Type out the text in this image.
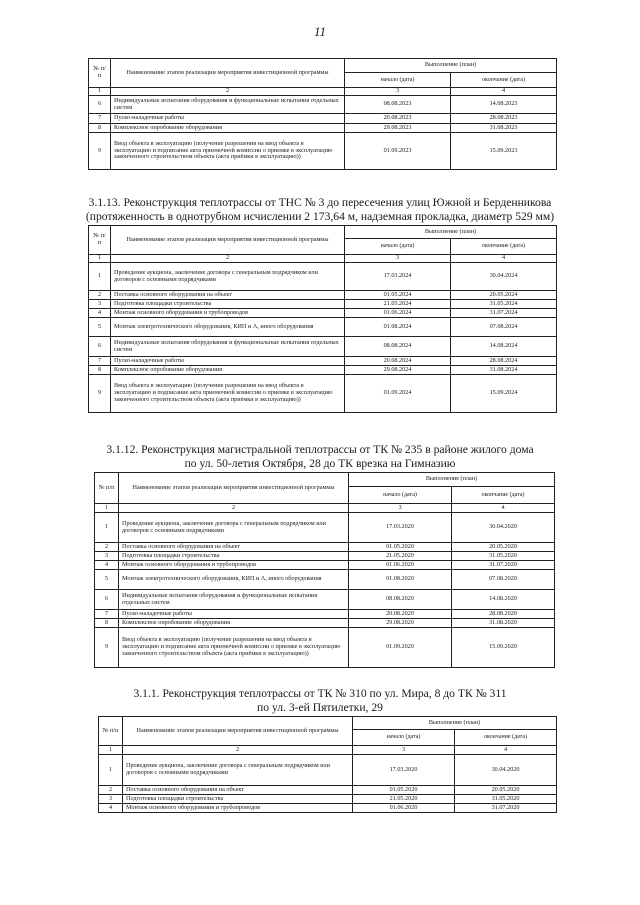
11
№ п/п	Наименование этапов реализации мероприятия инвестиционной программы	Выполнение (план)	
		начало (дата)	окончание (дата)
1	2	3	4
6	Индивидуальные испытания оборудования и функциональные испытания отдельных систем	08.08.2023	14.08.2023
7	Пуско-наладочные работы	20.08.2023	28.08.2023
8	Комплексное опробование оборудования	29.08.2023	31.08.2023
9	Ввод объекта в эксплуатацию (получение разрешения на ввод объекта в эксплуатацию и подписание акта приемочной комиссии о приемке в эксплуатацию законченного строительством объекта (акта приёмки в эксплуатацию))	01.09.2023	15.09.2023
3.1.13. Реконструкция теплотрассы от ТНС № 3 до пересечения улиц Южной и Берденникова
(протяженность в однотрубном исчислении 2 173,64 м, надземная прокладка, диаметр 529 мм)
№ п/п	Наименование этапов реализации мероприятия инвестиционной программы	Выполнение (план)	
		начало (дата)	окончание (дата)
1	2	3	4
1	Проведение аукциона, заключение договора с генеральным подрядчиком или договоров с основными подрядчиками	17.03.2024	30.04.2024
2	Поставка основного оборудования на объект	01.05.2024	20.05.2024
3	Подготовка площадки строительства	21.05.2024	31.05.2024
4	Монтаж основного оборудования и трубопроводов	01.06.2024	31.07.2024
5	Монтаж электротехнического оборудования, КИП и А, иного оборудования	01.08.2024	07.08.2024
6	Индивидуальные испытания оборудования и функциональные испытания отдельных систем	08.08.2024	14.08.2024
7	Пуско-наладочные работы	20.08.2024	28.08.2024
8	Комплексное опробование оборудования	29.08.2024	31.08.2024
9	Ввод объекта в эксплуатацию (получение разрешения на ввод объекта в эксплуатацию и подписание акта приемочной комиссии о приемке в эксплуатацию законченного строительством объекта (акта приёмки в эксплуатацию))	01.09.2024	15.09.2024
3.1.12. Реконструкция магистральной теплотрассы от ТК № 235 в районе жилого дома
по ул. 50-летия Октября, 28 до ТК врезка на Гимназию
№ п/п	Наименование этапов реализации мероприятия инвестиционной программы	Выполнение (план)	
		начало (дата)	окончание (дата)
1	2	3	4
1	Проведение аукциона, заключение договора с генеральным подрядчиком или договоров с основными подрядчиками	17.03.2020	30.04.2020
2	Поставка основного оборудования на объект	01.05.2020	20.05.2020
3	Подготовка площадки строительства	21.05.2020	31.05.2020
4	Монтаж основного оборудования и трубопроводов	01.06.2020	31.07.2020
5	Монтаж электротехнического оборудования, КИП и А, иного оборудования	01.08.2020	07.08.2020
6	Индивидуальные испытания оборудования и функциональные испытания отдельных систем	08.08.2020	14.08.2020
7	Пуско-наладочные работы	20.08.2020	28.08.2020
8	Комплексное опробование оборудования	29.08.2020	31.08.2020
9	Ввод объекта в эксплуатацию (получение разрешения на ввод объекта в эксплуатацию и подписание акта приемочной комиссии о приемке в эксплуатацию законченного строительством объекта (акта приёмки в эксплуатацию))	01.09.2020	15.09.2020
3.1.1. Реконструкция теплотрассы от ТК № 310 по ул. Мира, 8 до ТК № 311
по ул. 3-ей Пятилетки, 29
№ п/п	Наименование этапов реализации мероприятия инвестиционной программы	Выполнение (план)	
		начало (дата)	окончание (дата)
1	2	3	4
1	Проведение аукциона, заключение договора с генеральным подрядчиком или договоров с основными подрядчиками	17.03.2020	30.04.2020
2	Поставка основного оборудования на объект	01.05.2020	20.05.2020
3	Подготовка площадки строительства	21.05.2020	31.05.2020
4	Монтаж основного оборудования и трубопроводов	01.06.2020	31.07.2020
